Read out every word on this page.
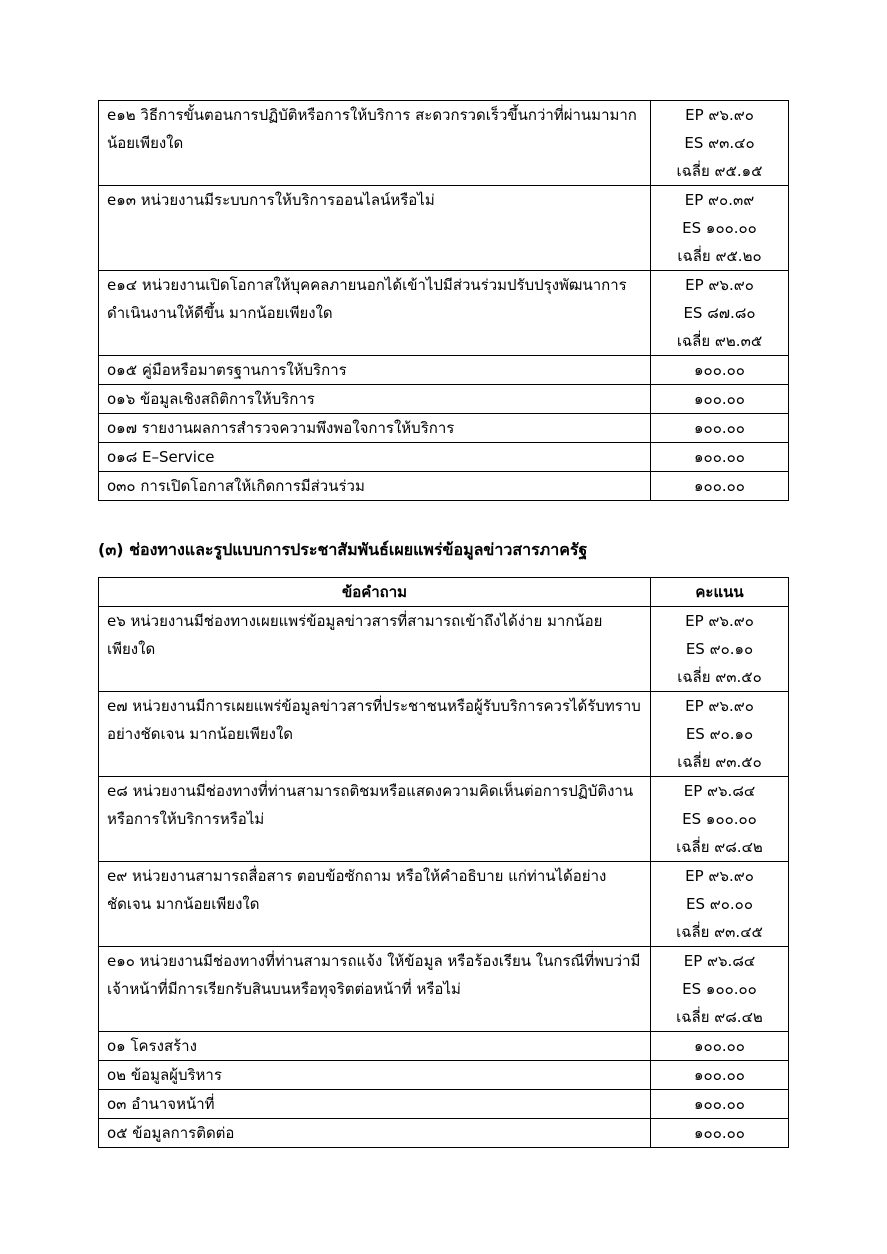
e๑๒ วิธีการขั้นตอนการปฏิบัติหรือการให้บริการ สะดวกรวดเร็วขึ้นกว่าที่ผ่านมามาก
น้อยเพียงใด	EP ๙๖.๙๐
ES ๙๓.๔๐
เฉลี่ย ๙๕.๑๕

e๑๓ หน่วยงานมีระบบการให้บริการออนไลน์หรือไม่	EP ๙๐.๓๙
ES ๑๐๐.๐๐
เฉลี่ย ๙๕.๒๐

e๑๔ หน่วยงานเปิดโอกาสให้บุคคลภายนอกได้เข้าไปมีส่วนร่วมปรับปรุงพัฒนาการ
ดำเนินงานให้ดีขึ้น มากน้อยเพียงใด	EP ๙๖.๙๐
ES ๘๗.๘๐
เฉลี่ย ๙๒.๓๕

o๑๕ คู่มือหรือมาตรฐานการให้บริการ	๑๐๐.๐๐
o๑๖ ข้อมูลเชิงสถิติการให้บริการ	๑๐๐.๐๐
o๑๗ รายงานผลการสำรวจความพึงพอใจการให้บริการ	๑๐๐.๐๐
o๑๘ E–Service	๑๐๐.๐๐
o๓๐ การเปิดโอกาสให้เกิดการมีส่วนร่วม	๑๐๐.๐๐
(๓) ช่องทางและรูปแบบการประชาสัมพันธ์เผยแพร่ข้อมูลข่าวสารภาครัฐ
ข้อคำถาม	คะแนน

e๖ หน่วยงานมีช่องทางเผยแพร่ข้อมูลข่าวสารที่สามารถเข้าถึงได้ง่าย มากน้อย
เพียงใด	EP ๙๖.๙๐
ES ๙๐.๑๐
เฉลี่ย ๙๓.๕๐

e๗ หน่วยงานมีการเผยแพร่ข้อมูลข่าวสารที่ประชาชนหรือผู้รับบริการควรได้รับทราบ
อย่างชัดเจน มากน้อยเพียงใด	EP ๙๖.๙๐
ES ๙๐.๑๐
เฉลี่ย ๙๓.๕๐

e๘ หน่วยงานมีช่องทางที่ท่านสามารถติชมหรือแสดงความคิดเห็นต่อการปฏิบัติงาน
หรือการให้บริการหรือไม่	EP ๙๖.๘๔
ES ๑๐๐.๐๐
เฉลี่ย ๙๘.๔๒

e๙ หน่วยงานสามารถสื่อสาร ตอบข้อซักถาม หรือให้คำอธิบาย แก่ท่านได้อย่าง
ชัดเจน มากน้อยเพียงใด	EP ๙๖.๙๐
ES ๙๐.๐๐
เฉลี่ย ๙๓.๔๕

e๑๐ หน่วยงานมีช่องทางที่ท่านสามารถแจ้ง ให้ข้อมูล หรือร้องเรียน ในกรณีที่พบว่ามี
เจ้าหน้าที่มีการเรียกรับสินบนหรือทุจริตต่อหน้าที่ หรือไม่	EP ๙๖.๘๔
ES ๑๐๐.๐๐
เฉลี่ย ๙๘.๔๒

o๑ โครงสร้าง	๑๐๐.๐๐
o๒ ข้อมูลผู้บริหาร	๑๐๐.๐๐
o๓ อำนาจหน้าที่	๑๐๐.๐๐
o๕ ข้อมูลการติดต่อ	๑๐๐.๐๐
